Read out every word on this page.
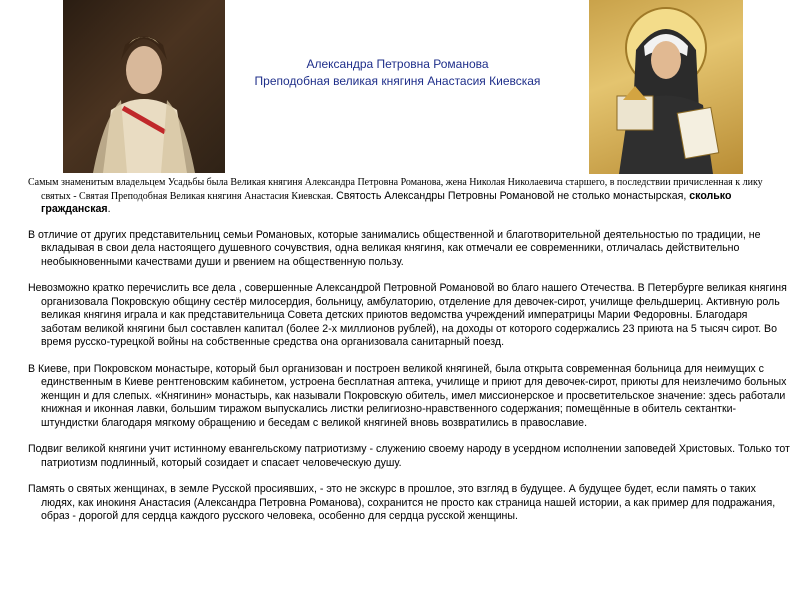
Александра Петровна Романова
Преподобная великая княгиня Анастасия Киевская

Самым знаменитым владельцем Усадьбы была Великая княгиня Александра Петровна Романова, жена Николая Николаевича старшего, в последствии причисленная к лику святых - Святая Преподобная Великая княгиня Анастасия Киевская. Святость Александры Петровны Романовой не столько монастырская, сколько гражданская.

В отличие от других представительниц семьи Романовых, которые занимались общественной и благотворительной деятельностью по традиции, не вкладывая в свои дела настоящего душевного сочувствия, одна великая княгиня, как отмечали ее современники, отличалась действительно необыкновенными качествами души и рвением на общественную пользу.

Невозможно кратко перечислить все дела , совершенные Александрой Петровной Романовой во благо нашего Отечества. В Петербурге великая княгиня организовала Покровскую общину сестёр милосердия, больницу, амбулаторию, отделение для девочек-сирот, училище фельдшериц. Активную роль великая княгиня играла и как представительница Совета детских приютов ведомства учреждений императрицы Марии Федоровны. Благодаря заботам великой княгини был составлен капитал (более 2-х миллионов рублей), на доходы от которого содержались 23 приюта на 5 тысяч сирот. Во время русско-турецкой войны на собственные средства она организовала санитарный поезд.

В Киеве, при Покровском монастыре, который был организован и построен великой княгиней, была открыта современная больница для неимущих с единственным в Киеве рентгеновским кабинетом, устроена бесплатная аптека, училище и приют для девочек-сирот, приюты для неизлечимо больных женщин и для слепых. «Княгинин» монастырь, как называли Покровскую обитель, имел миссионерское и просветительское значение: здесь работали книжная и иконная лавки, большим тиражом выпускались листки религиозно-нравственного содержания; помещённые в обитель сектантки-штундистки благодаря мягкому обращению и беседам с великой княгиней вновь возвратились в православие.

Подвиг великой княгини учит истинному евангельскому патриотизму - служению своему народу в усердном исполнении заповедей Христовых. Только тот патриотизм подлинный, который созидает и спасает человеческую душу.

Память о святых женщинах, в земле Русской просиявших, - это не экскурс в прошлое, это взгляд в будущее. А будущее будет, если память о таких людях, как инокиня Анастасия (Александра Петровна Романова), сохранится не просто как страница нашей истории, а как пример для подражания, образ - дорогой для сердца каждого русского человека, особенно для сердца русской женщины.
